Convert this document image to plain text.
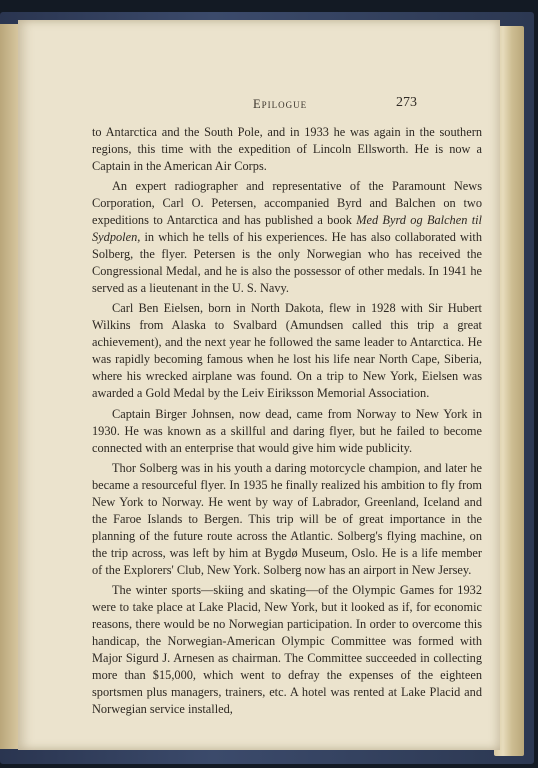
Epilogue	273

to Antarctica and the South Pole, and in 1933 he was again in the southern regions, this time with the expedition of Lincoln Ellsworth. He is now a Captain in the American Air Corps.

An expert radiographer and representative of the Paramount News Corporation, Carl O. Petersen, accompanied Byrd and Balchen on two expeditions to Antarctica and has published a book Med Byrd og Balchen til Sydpolen, in which he tells of his experiences. He has also collaborated with Solberg, the flyer. Petersen is the only Norwegian who has received the Congressional Medal, and he is also the possessor of other medals. In 1941 he served as a lieutenant in the U. S. Navy.

Carl Ben Eielsen, born in North Dakota, flew in 1928 with Sir Hubert Wilkins from Alaska to Svalbard (Amundsen called this trip a great achievement), and the next year he followed the same leader to Antarctica. He was rapidly becoming famous when he lost his life near North Cape, Siberia, where his wrecked airplane was found. On a trip to New York, Eielsen was awarded a Gold Medal by the Leiv Eiriksson Memorial Association.

Captain Birger Johnsen, now dead, came from Norway to New York in 1930. He was known as a skillful and daring flyer, but he failed to become connected with an enterprise that would give him wide publicity.

Thor Solberg was in his youth a daring motorcycle champion, and later he became a resourceful flyer. In 1935 he finally realized his ambition to fly from New York to Norway. He went by way of Labrador, Greenland, Iceland and the Faroe Islands to Bergen. This trip will be of great importance in the planning of the future route across the Atlantic. Solberg's flying machine, on the trip across, was left by him at Bygdø Museum, Oslo. He is a life member of the Explorers' Club, New York. Solberg now has an airport in New Jersey.

The winter sports—skiing and skating—of the Olympic Games for 1932 were to take place at Lake Placid, New York, but it looked as if, for economic reasons, there would be no Norwegian participation. In order to overcome this handicap, the Norwegian-American Olympic Committee was formed with Major Sigurd J. Arnesen as chairman. The Committee succeeded in collecting more than $15,000, which went to defray the expenses of the eighteen sportsmen plus managers, trainers, etc. A hotel was rented at Lake Placid and Norwegian service installed,
